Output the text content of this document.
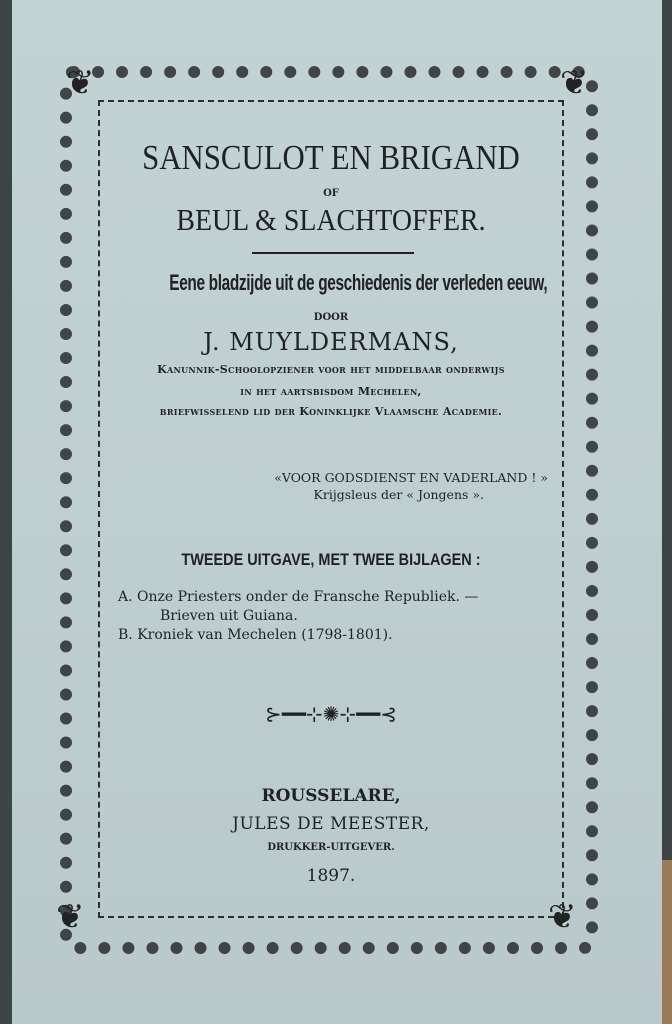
❦	❦
❦	❦
SANSCULOT EN BRIGAND
OF
BEUL & SLACHTOFFER.
Eene bladzijde uit de geschiedenis der verleden eeuw,
DOOR
J. MUYLDERMANS,
Kanunnik-Schoolopziener voor het middelbaar onderwijs
in het aartsbisdom Mechelen,
briefwisselend lid der Koninklijke Vlaamsche Academie.
«VOOR GODSDIENST EN VADERLAND ! »
Krijgsleus der « Jongens ».
TWEEDE UITGAVE, MET TWEE BIJLAGEN :
A. Onze Priesters onder de Fransche Republiek. —
Brieven uit Guiana.
B. Kroniek van Mechelen (1798-1801).
⊱━━⊹✺⊹━━⊰
ROUSSELARE,
JULES DE MEESTER,
DRUKKER-UITGEVER.
1897.
